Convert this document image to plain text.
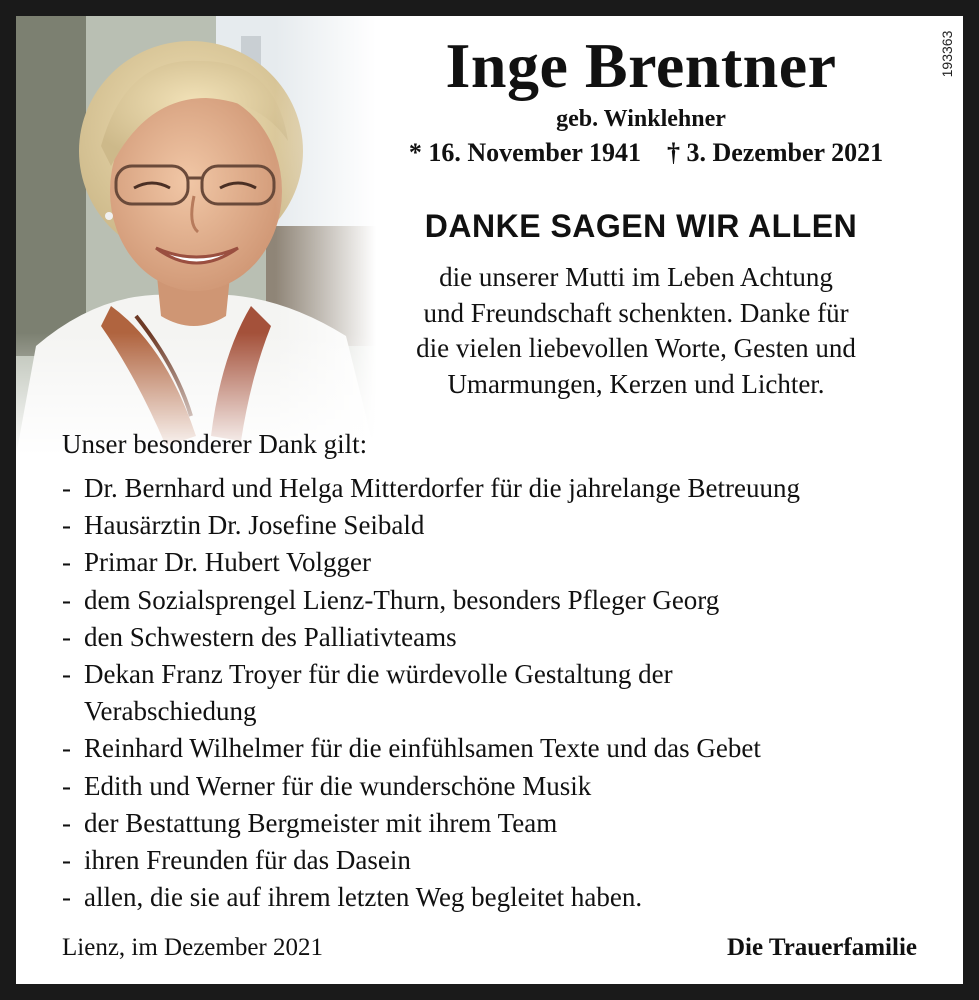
193363
Inge Brentner
geb. Winklehner
* 16. November 1941 † 3. Dezember 2021
DANKE SAGEN WIR ALLEN
die unserer Mutti im Leben Achtung
und Freundschaft schenkten. Danke für
die vielen liebevollen Worte, Gesten und
Umarmungen, Kerzen und Lichter.
Unser besonderer Dank gilt:
- Dr. Bernhard und Helga Mitterdorfer für die jahrelange Betreuung
- Hausärztin Dr. Josefine Seibald
- Primar Dr. Hubert Volgger
- dem Sozialsprengel Lienz-Thurn, besonders Pfleger Georg
- den Schwestern des Palliativteams
- Dekan Franz Troyer für die würdevolle Gestaltung der
Verabschiedung
- Reinhard Wilhelmer für die einfühlsamen Texte und das Gebet
- Edith und Werner für die wunderschöne Musik
- der Bestattung Bergmeister mit ihrem Team
- ihren Freunden für das Dasein
- allen, die sie auf ihrem letzten Weg begleitet haben.
Lienz, im Dezember 2021	Die Trauerfamilie
